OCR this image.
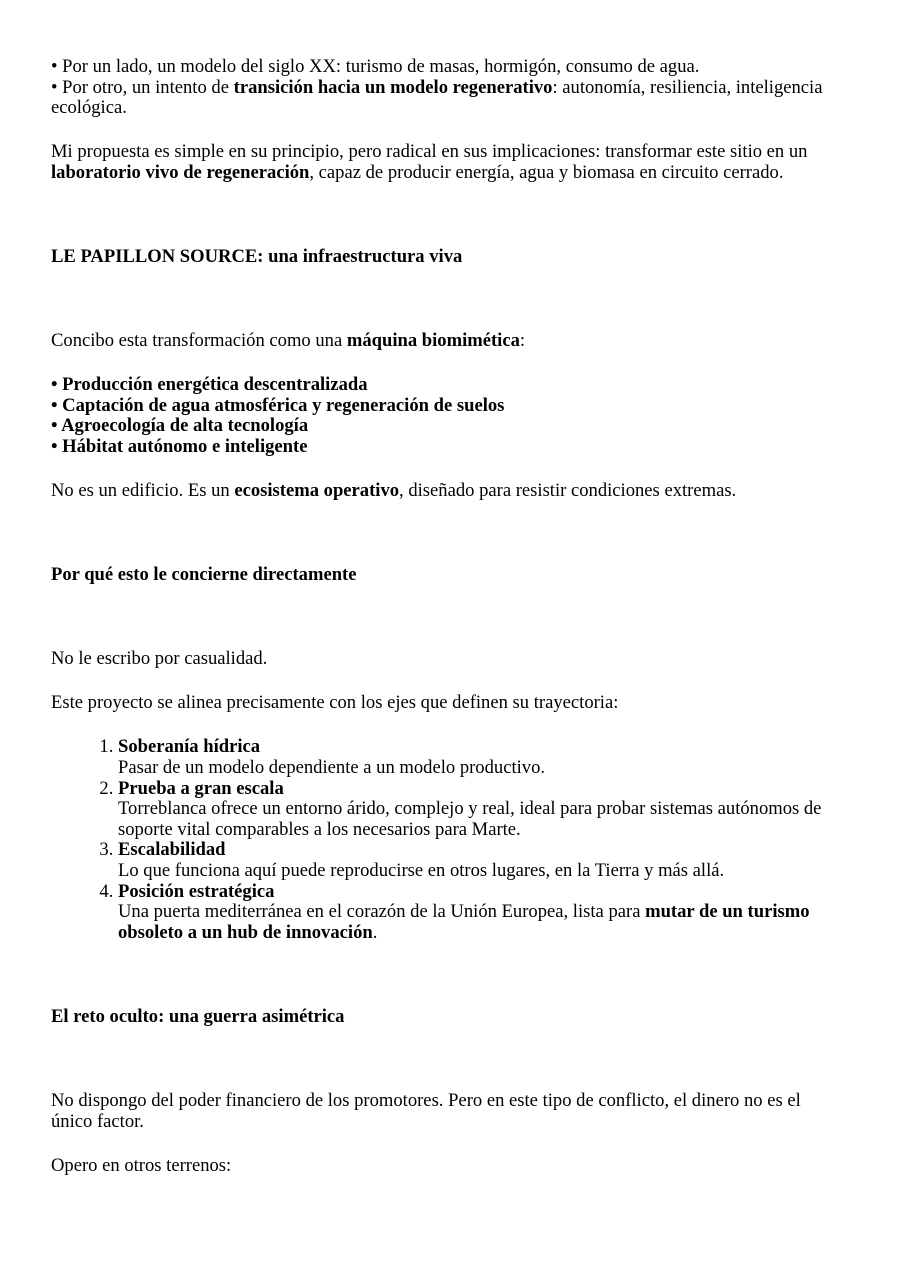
• Por un lado, un modelo del siglo XX: turismo de masas, hormigón, consumo de agua.
• Por otro, un intento de transición hacia un modelo regenerativo: autonomía, resiliencia, inteligencia ecológica.

Mi propuesta es simple en su principio, pero radical en sus implicaciones: transformar este sitio en un laboratorio vivo de regeneración, capaz de producir energía, agua y biomasa en circuito cerrado.

LE PAPILLON SOURCE: una infraestructura viva

Concibo esta transformación como una máquina biomimética:

• Producción energética descentralizada
• Captación de agua atmosférica y regeneración de suelos
• Agroecología de alta tecnología
• Hábitat autónomo e inteligente

No es un edificio. Es un ecosistema operativo, diseñado para resistir condiciones extremas.

Por qué esto le concierne directamente

No le escribo por casualidad.

Este proyecto se alinea precisamente con los ejes que definen su trayectoria:

1. Soberanía hídrica
Pasar de un modelo dependiente a un modelo productivo.
2. Prueba a gran escala
Torreblanca ofrece un entorno árido, complejo y real, ideal para probar sistemas autónomos de soporte vital comparables a los necesarios para Marte.
3. Escalabilidad
Lo que funciona aquí puede reproducirse en otros lugares, en la Tierra y más allá.
4. Posición estratégica
Una puerta mediterránea en el corazón de la Unión Europea, lista para mutar de un turismo obsoleto a un hub de innovación.
El reto oculto: una guerra asimétrica

No dispongo del poder financiero de los promotores. Pero en este tipo de conflicto, el dinero no es el único factor.

Opero en otros terrenos:
